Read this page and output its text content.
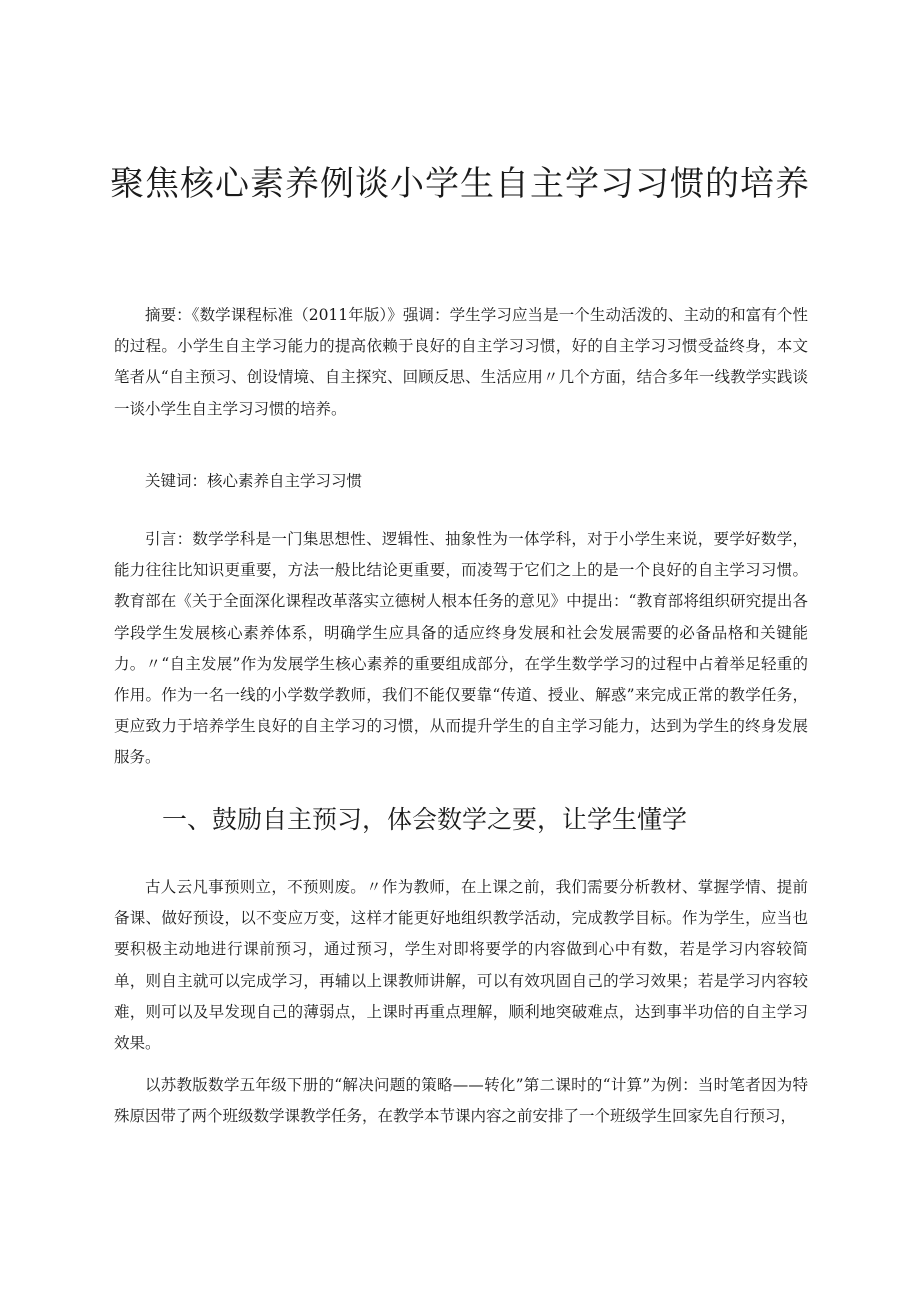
聚焦核心素养例谈小学生自主学习习惯的培养

摘要：《数学课程标准（2011年版）》强调：学生学习应当是一个生动活泼的、主动的和富有个性的过程。小学生自主学习能力的提高依赖于良好的自主学习习惯，好的自主学习习惯受益终身，本文笔者从“自主预习、创设情境、自主探究、回顾反思、生活应用〃几个方面，结合多年一线教学实践谈一谈小学生自主学习习惯的培养。

关键词：核心素养自主学习习惯

引言：数学学科是一门集思想性、逻辑性、抽象性为一体学科，对于小学生来说，要学好数学，能力往往比知识更重要，方法一般比结论更重要，而凌驾于它们之上的是一个良好的自主学习习惯。教育部在《关于全面深化课程改革落实立德树人根本任务的意见》中提出：“教育部将组织研究提出各学段学生发展核心素养体系，明确学生应具备的适应终身发展和社会发展需要的必备品格和关键能力。〃“自主发展”作为发展学生核心素养的重要组成部分，在学生数学学习的过程中占着举足轻重的作用。作为一名一线的小学数学教师，我们不能仅要靠“传道、授业、解惑”来完成正常的教学任务，更应致力于培养学生良好的自主学习的习惯，从而提升学生的自主学习能力，达到为学生的终身发展服务。

一、鼓励自主预习，体会数学之要，让学生懂学

古人云凡事预则立，不预则废。〃作为教师，在上课之前，我们需要分析教材、掌握学情、提前备课、做好预设，以不变应万变，这样才能更好地组织教学活动，完成教学目标。作为学生，应当也要积极主动地进行课前预习，通过预习，学生对即将要学的内容做到心中有数，若是学习内容较简单，则自主就可以完成学习，再辅以上课教师讲解，可以有效巩固自己的学习效果；若是学习内容较难，则可以及早发现自己的薄弱点，上课时再重点理解，顺利地突破难点，达到事半功倍的自主学习效果。

以苏教版数学五年级下册的“解决问题的策略——转化”第二课时的“计算”为例：当时笔者因为特殊原因带了两个班级数学课教学任务，在教学本节课内容之前安排了一个班级学生回家先自行预习，
